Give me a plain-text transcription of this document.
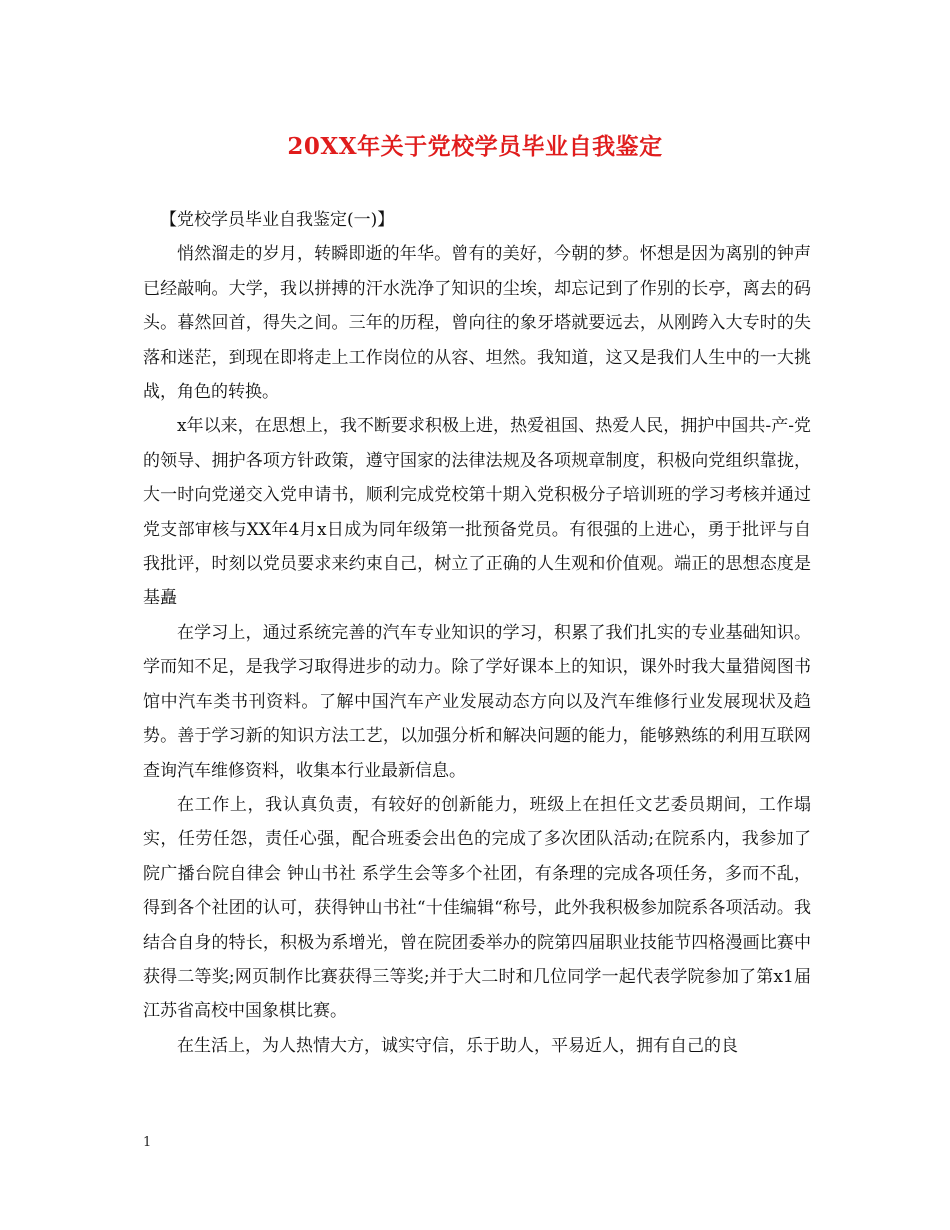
20XX年关于党校学员毕业自我鉴定

【党校学员毕业自我鉴定(一)】

悄然溜走的岁月，转瞬即逝的年华。曾有的美好，今朝的梦。怀想是因为离别的钟声已经敲响。大学，我以拼搏的汗水洗净了知识的尘埃，却忘记到了作别的长亭，离去的码头。暮然回首，得失之间。三年的历程，曾向往的象牙塔就要远去，从刚跨入大专时的失落和迷茫，到现在即将走上工作岗位的从容、坦然。我知道，这又是我们人生中的一大挑战，角色的转换。

x年以来，在思想上，我不断要求积极上进，热爱祖国、热爱人民，拥护中国共-产-党的领导、拥护各项方针政策，遵守国家的法律法规及各项规章制度，积极向党组织靠拢，大一时向党递交入党申请书，顺利完成党校第十期入党积极分子培训班的学习考核并通过党支部审核与XX年4月x日成为同年级第一批预备党员。有很强的上进心，勇于批评与自我批评，时刻以党员要求来约束自己，树立了正确的人生观和价值观。端正的思想态度是基矗

在学习上，通过系统完善的汽车专业知识的学习，积累了我们扎实的专业基础知识。学而知不足，是我学习取得进步的动力。除了学好课本上的知识，课外时我大量猎阅图书馆中汽车类书刊资料。了解中国汽车产业发展动态方向以及汽车维修行业发展现状及趋势。善于学习新的知识方法工艺，以加强分析和解决问题的能力，能够熟练的利用互联网查询汽车维修资料，收集本行业最新信息。

在工作上，我认真负责，有较好的创新能力，班级上在担任文艺委员期间，工作塌实，任劳任怨，责任心强，配合班委会出色的完成了多次团队活动;在院系内，我参加了院广播台院自律会 钟山书社 系学生会等多个社团，有条理的完成各项任务，多而不乱，得到各个社团的认可，获得钟山书社“十佳编辑“称号，此外我积极参加院系各项活动。我结合自身的特长，积极为系增光，曾在院团委举办的院第四届职业技能节四格漫画比赛中获得二等奖;网页制作比赛获得三等奖;并于大二时和几位同学一起代表学院参加了第x1届江苏省高校中国象棋比赛。

在生活上，为人热情大方，诚实守信，乐于助人，平易近人，拥有自己的良

1
